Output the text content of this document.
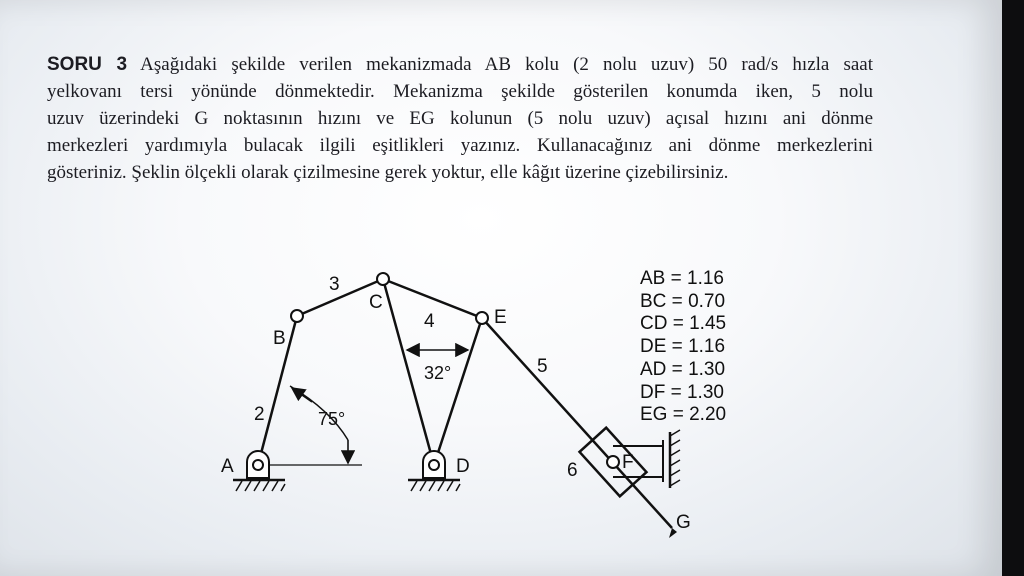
SORU 3 Aşağıdaki şekilde verilen mekanizmada AB kolu (2 nolu uzuv) 50 rad/s hızla saat
yelkovanı tersi yönünde dönmektedir. Mekanizma şekilde gösterilen konumda iken, 5 nolu
uzuv üzerindeki G noktasının hızını ve EG kolunun (5 nolu uzuv) açısal hızını ani dönme
merkezleri yardımıyla bulacak ilgili eşitlikleri yazınız. Kullanacağınız ani dönme merkezlerini
gösteriniz. Şeklin ölçekli olarak çizilmesine gerek yoktur, elle kâğıt üzerine çizebilirsiniz.
A
B
C
D
E
F
G
2
3
4
5
6
75°
32°
AB = 1.16
BC = 0.70
CD = 1.45
DE = 1.16
AD = 1.30
DF = 1.30
EG = 2.20
